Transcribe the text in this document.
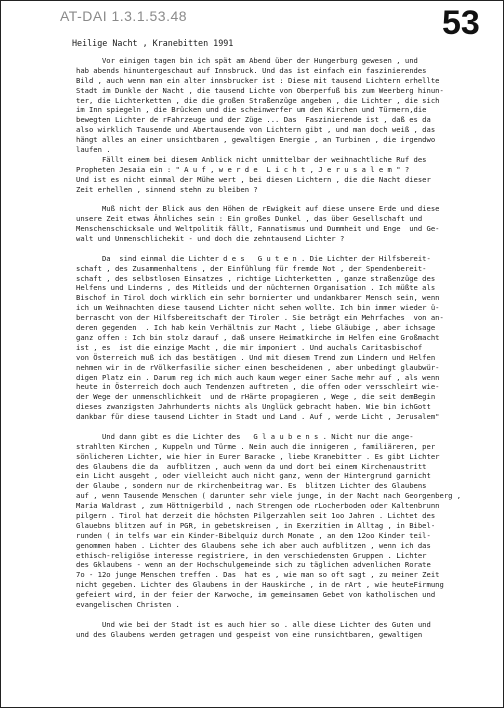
AT-DAI 1.3.1.53.48	53
Heilige Nacht , Kranebitten 1991
Vor einigen tagen bin ich spät am Abend über der Hungerburg gewesen , und
hab abends hinuntergeschaut auf Innsbruck. Und das ist einfach ein faszinierendes
Bild , auch wenn man ein alter innsbrucker ist : Diese mit tausend Lichtern erhellte
Stadt im Dunkle der Nacht , die tausend Lichte von Oberperfuß bis zum Weerberg hinun-
ter, die Lichterketten , die die großen Straßenzüge angeben , die Lichter , die sich
im Inn spiegeln , die Brücken und die scheinwerfer um den Kirchen und Türmern,die
bewegten Lichter de rFahrzeuge und der Züge ... Das  Faszinierende ist , daß es da
also wirklich Tausende und Abertausende von Lichtern gibt , und man doch weiß , das
hängt alles an einer unsichtbaren , gewaltigen Energie , an Turbinen , die irgendwo
laufen .
Fällt einem bei diesem Anblick nicht unmittelbar der weihnachtliche Ruf des
Propheten Jesaia ein : " A u f , w e r d e  L i c h t , J e r u s a l e m " ?
Und ist es nicht einmal der Mühe wert , bei diesen Lichtern , die die Nacht dieser
Zeit erhellen , sinnend stehn zu bleiben ?
Muß nicht der Blick aus den Höhen de rEwigkeit auf diese unsere Erde und diese
unsere Zeit etwas Ähnliches sein : Ein großes Dunkel , das über Gesellschaft und
Menschenschicksale und Weltpolitik fällt, Fannatismus und Dummheit und Enge  und Ge-
walt und Unmenschlichekit - und doch die zehntausend Lichter ?
Da  sind einmal die Lichter d e s   G u t e n . Die Lichter der Hilfsbereit-
schaft , des Zusammenhaltens , der Einfühlung für fremde Not , der Spendenbereit-
schaft , des selbstlosen Einsatzes , richtige Lichterketten , ganze straßenzüge des
Helfens und Linderns , des Mitleids und der nüchternen Organisation . Ich müßte als
Bischof in Tirol doch wirklich ein sehr bornierter und undankbarer Mensch sein, wenn
ich um Weihnachten diese tausend Lichter nicht sehen wollte. Ich bin immer wieder ü-
berrascht von der Hilfsbereitschaft der Tiroler . Sie beträgt ein Mehrfaches  von an-
deren gegenden  . Ich hab kein Verhältnis zur Macht , liebe Gläubige , aber ichsage
ganz offen : Ich bin stolz darauf , daß unsere Heimatkirche im Helfen eine Großmacht
ist , es  ist die einzige Macht , die mir imponiert . Und auchals Caritasbischof
von Österreich muß ich das bestätigen . Und mit diesem Trend zum Lindern und Helfen
nehmen wir in de rVölkerfasilie sicher einen bescheidenen , aber unbedingt glaubwür-
digen Platz ein . Darum reg ich mich auch kaum weger einer Sache mehr auf , als wenn
heute in Österreich doch auch Tendenzen auftreten , die offen oder versschleirt wie-
der Wege der unmenschlichkeit  und de rHärte propagieren , Wege , die seit demBegin
dieses zwanzigsten Jahrhunderts nichts als Unglück gebracht haben. Wie bin ichGott
dankbar für diese tausend Lichter in Stadt und Land . Auf , werde Licht , Jerusalem"
Und dann gibt es die Lichter des   G l a u b e n s . Nicht nur die ange-
strahlten Kirchen , Kuppeln und Türme . Nein auch die innigeren , familiäreren, per
sönlicheren Lichter, wie hier in Eurer Baracke , liebe Kranebitter . Es gibt Lichter
des Glaubens die da  aufblitzen , auch wenn da und dort bei einem Kirchenaustritt
ein Licht ausgeht , oder vielleicht auch nicht ganz, wenn der Hintergrund garnicht
der Glaube , sondern nur de rkirchenbeitrag war. Es  blitzen Lichter des Glaubens
auf , wenn Tausende Menschen ( darunter sehr viele junge, in der Nacht nach Georgenberg ,
Maria Waldrast , zum Höttnigerbild , nach Strengen ode rLocherboden oder Kaltenbrunn
pilgern . Tirol hat derzeit die höchsten Pilgerzahlen seit 1oo Jahren . Lichtet des
Glauebns blitzen auf in PGR, in gebetskreisen , in Exerzitien im Alltag , in Bibel-
runden ( in telfs war ein Kinder-Bibelquiz durch Monate , an dem 12oo Kinder teil-
genommen haben . Lichter des Glaubens sehe ich aber auch aufblitzen , wenn ich das
ethisch-religiöse interesse registriere, in den verschiedensten Gruppen . Lichter
des Gklaubens - wenn an der Hochschulgemeinde sich zu täglichen advenlichen Rorate
7o - 12o junge Menschen treffen . Das  hat es , wie man so oft sagt , zu meiner Zeit
nicht gegeben. Lichter des Glaubens in der Hauskirche , in de rArt , wie heuteFirmung
gefeiert wird, in der feier der Karwoche, im gemeinsamen Gebet von katholischen und
evangelischen Christen .
Und wie bei der Stadt ist es auch hier so . alle diese Lichter des Guten und
und des Glaubens werden getragen und gespeist von eine runsichtbaren, gewaltigen
